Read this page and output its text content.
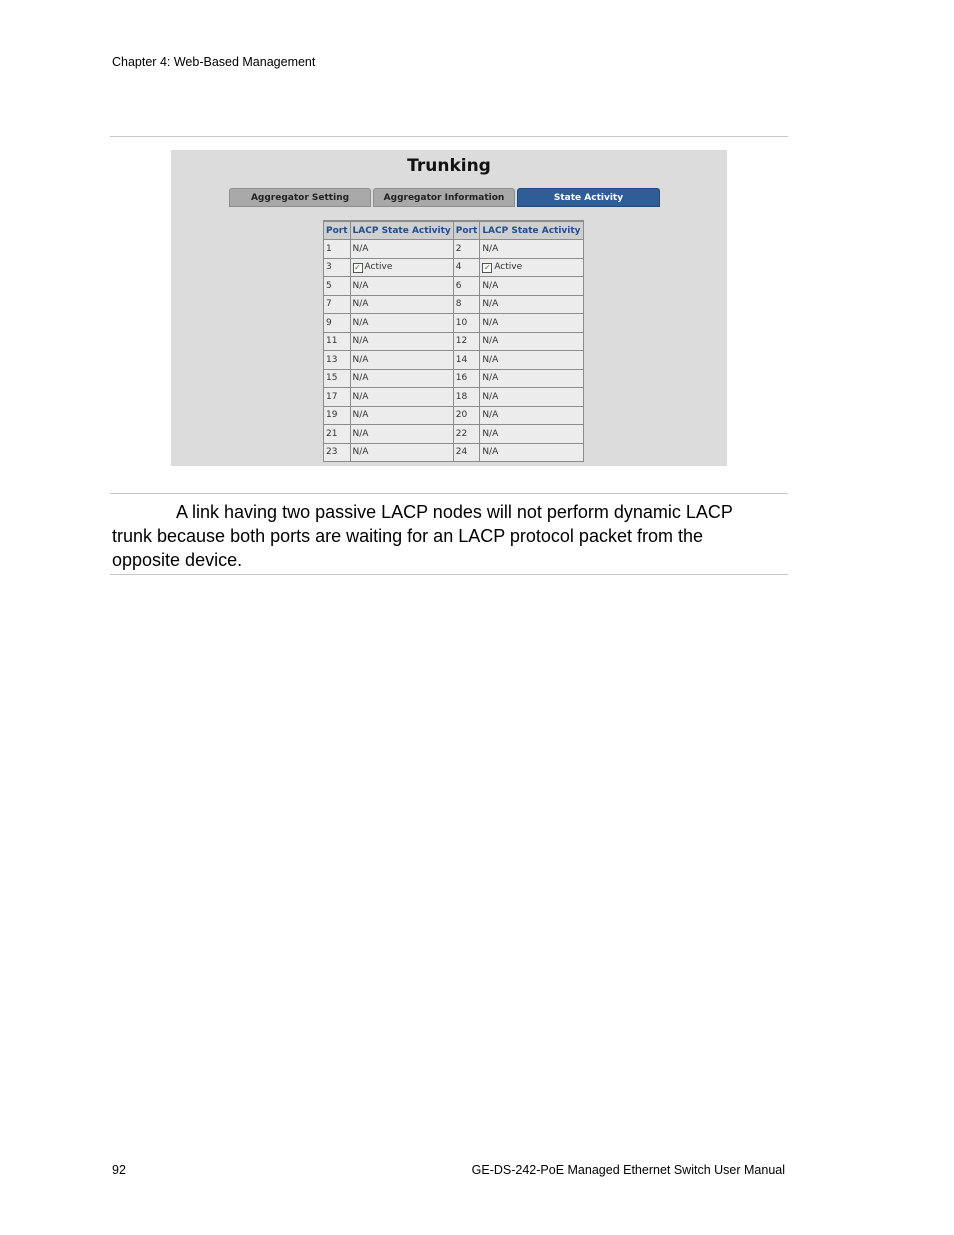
Chapter 4: Web-Based Management
Trunking
Aggregator Setting	Aggregator Information	State Activity
Port	LACP State Activity	Port	LACP State Activity
1	N/A	2	N/A
3	✓ Active	4	✓ Active
5	N/A	6	N/A
7	N/A	8	N/A
9	N/A	10	N/A
11	N/A	12	N/A
13	N/A	14	N/A
15	N/A	16	N/A
17	N/A	18	N/A
19	N/A	20	N/A
21	N/A	22	N/A
23	N/A	24	N/A
A link having two passive LACP nodes will not perform dynamic LACP trunk because both ports are waiting for an LACP protocol packet from the opposite device.
92	GE-DS-242-PoE Managed Ethernet Switch User Manual
